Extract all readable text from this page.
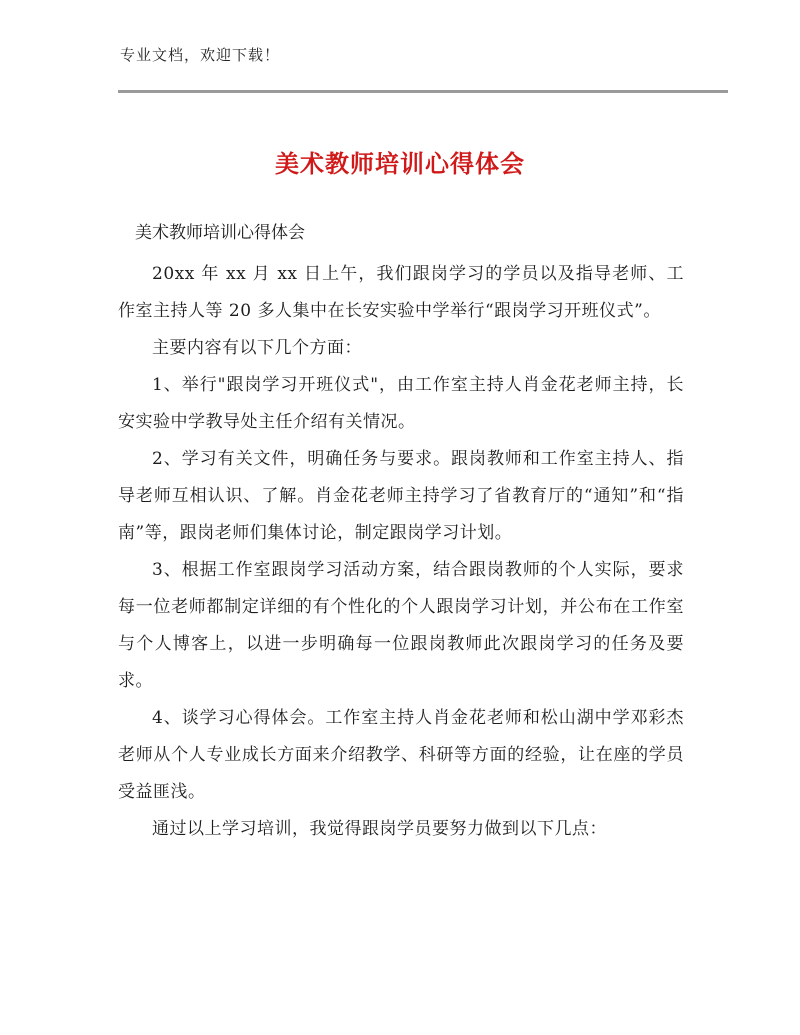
专业文档，欢迎下载！
美术教师培训心得体会
美术教师培训心得体会

20xx 年 xx 月 xx 日上午，我们跟岗学习的学员以及指导老师、工作室主持人等 20 多人集中在长安实验中学举行“跟岗学习开班仪式”。

主要内容有以下几个方面：

1、举行"跟岗学习开班仪式"，由工作室主持人肖金花老师主持，长安实验中学教导处主任介绍有关情况。

2、学习有关文件，明确任务与要求。跟岗教师和工作室主持人、指导老师互相认识、了解。肖金花老师主持学习了省教育厅的“通知”和“指南”等，跟岗老师们集体讨论，制定跟岗学习计划。

3、根据工作室跟岗学习活动方案，结合跟岗教师的个人实际，要求每一位老师都制定详细的有个性化的个人跟岗学习计划，并公布在工作室与个人博客上，以进一步明确每一位跟岗教师此次跟岗学习的任务及要求。

4、谈学习心得体会。工作室主持人肖金花老师和松山湖中学邓彩杰老师从个人专业成长方面来介绍教学、科研等方面的经验，让在座的学员受益匪浅。

通过以上学习培训，我觉得跟岗学员要努力做到以下几点：
